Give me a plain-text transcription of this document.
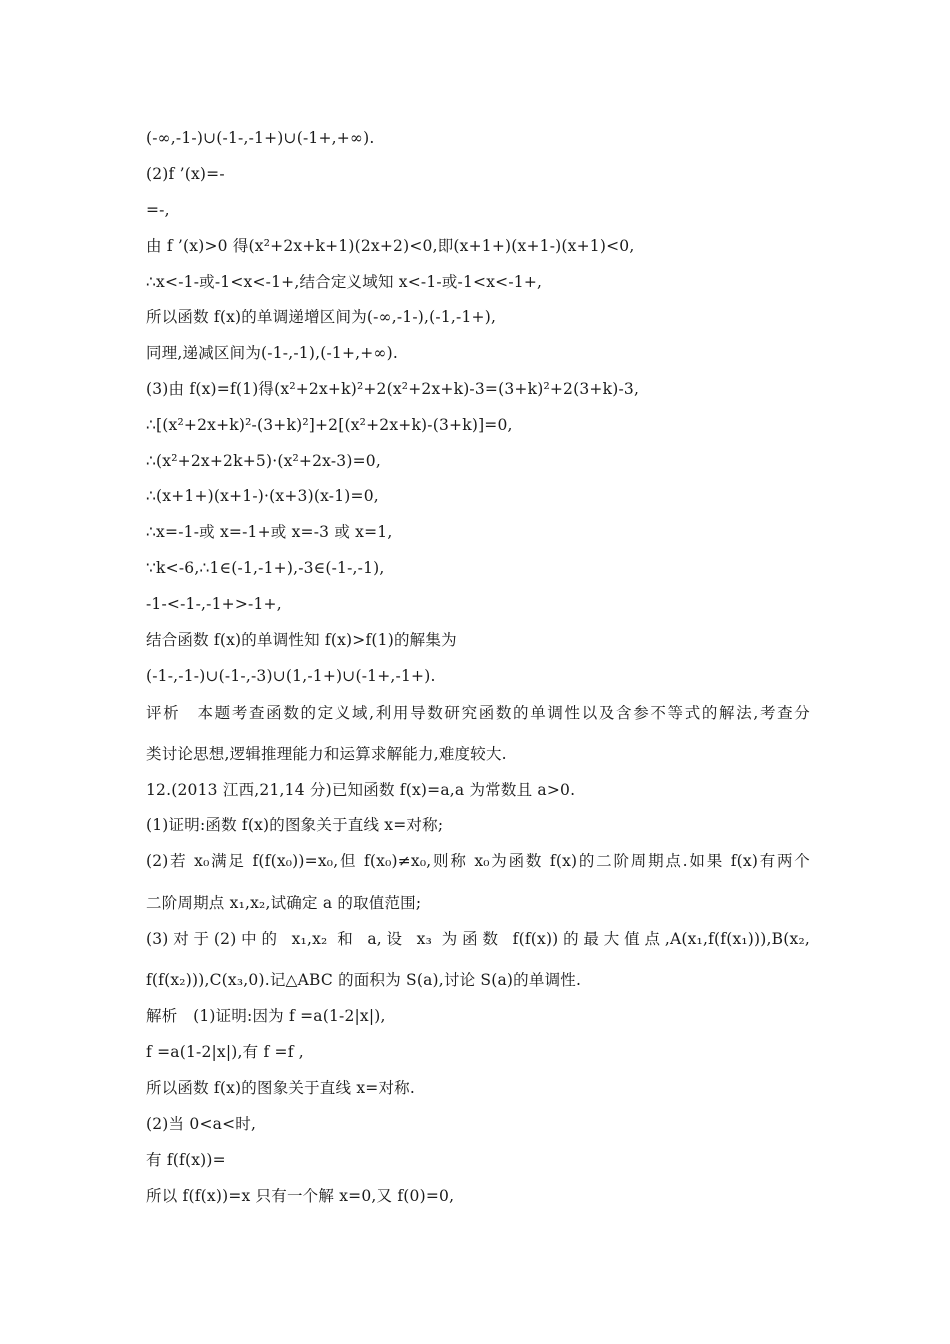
(-∞,-1-)∪(-1-,-1+)∪(-1+,+∞).
(2)f ’(x)=-
=-,
由 f ’(x)>0 得(x²+2x+k+1)(2x+2)<0,即(x+1+)(x+1-)(x+1)<0,
∴x<-1-或-1<x<-1+,结合定义域知 x<-1-或-1<x<-1+,
所以函数 f(x)的单调递增区间为(-∞,-1-),(-1,-1+),
同理,递减区间为(-1-,-1),(-1+,+∞).
(3)由 f(x)=f(1)得(x²+2x+k)²+2(x²+2x+k)-3=(3+k)²+2(3+k)-3,
∴[(x²+2x+k)²-(3+k)²]+2[(x²+2x+k)-(3+k)]=0,
∴(x²+2x+2k+5)·(x²+2x-3)=0,
∴(x+1+)(x+1-)·(x+3)(x-1)=0,
∴x=-1-或 x=-1+或 x=-3 或 x=1,
∵k<-6,∴1∈(-1,-1+),-3∈(-1-,-1),
-1-<-1-,-1+>-1+,
结合函数 f(x)的单调性知 f(x)>f(1)的解集为
(-1-,-1-)∪(-1-,-3)∪(1,-1+)∪(-1+,-1+).
评析　本题考查函数的定义域,利用导数研究函数的单调性以及含参不等式的解法,考查分
类讨论思想,逻辑推理能力和运算求解能力,难度较大.
12.(2013 江西,21,14 分)已知函数 f(x)=a,a 为常数且 a>0.
(1)证明:函数 f(x)的图象关于直线 x=对称;
(2)若 x₀满足 f(f(x₀))=x₀,但 f(x₀)≠x₀,则称 x₀为函数 f(x)的二阶周期点.如果 f(x)有两个
二阶周期点 x₁,x₂,试确定 a 的取值范围;
(3)对于(2)中的 x₁,x₂ 和 a,设 x₃ 为函数 f(f(x))的最大值点,A(x₁,f(f(x₁))),B(x₂,
f(f(x₂))),C(x₃,0).记△ABC 的面积为 S(a),讨论 S(a)的单调性.
解析　(1)证明:因为 f =a(1-2|x|),
f =a(1-2|x|),有 f =f ,
所以函数 f(x)的图象关于直线 x=对称.
(2)当 0<a<时,
有 f(f(x))=
所以 f(f(x))=x 只有一个解 x=0,又 f(0)=0,
